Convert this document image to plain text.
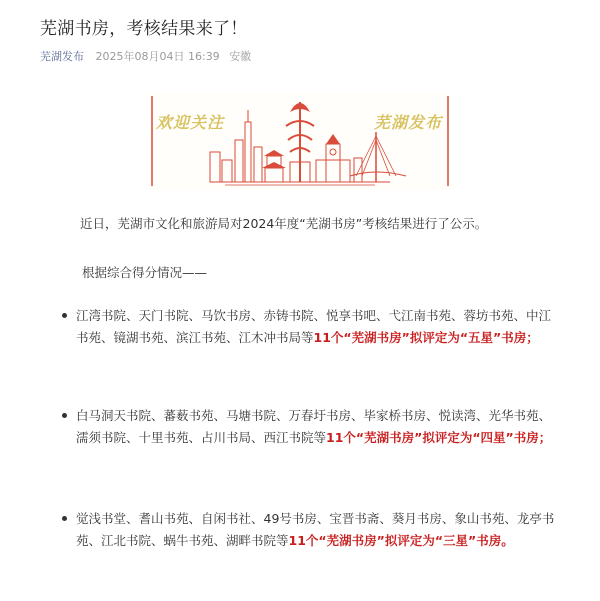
芜湖书房，考核结果来了！
芜湖发布 2025年08月04日 16:39 安徽
欢迎关注	芜湖发布

近日，芜湖市文化和旅游局对2024年度“芜湖书房”考核结果进行了公示。

根据综合得分情况——

江湾书院、天门书院、马饮书房、赤铸书院、悦享书吧、弋江南书苑、蓉坊书苑、中江书苑、镜湖书苑、滨江书苑、江木冲书局等11个“芜湖书房”拟评定为“五星”书房；
白马洞天书院、蕃薮书苑、马塘书院、万春圩书房、毕家桥书房、悦读湾、光华书苑、濡须书院、十里书苑、占川书局、西江书院等11个“芜湖书房”拟评定为“四星”书房；
觉浅书堂、耆山书苑、自闲书社、49号书房、宝晋书斋、葵月书房、象山书苑、龙亭书苑、江北书院、蜗牛书苑、湖畔书院等11个“芜湖书房”拟评定为“三星”书房。
